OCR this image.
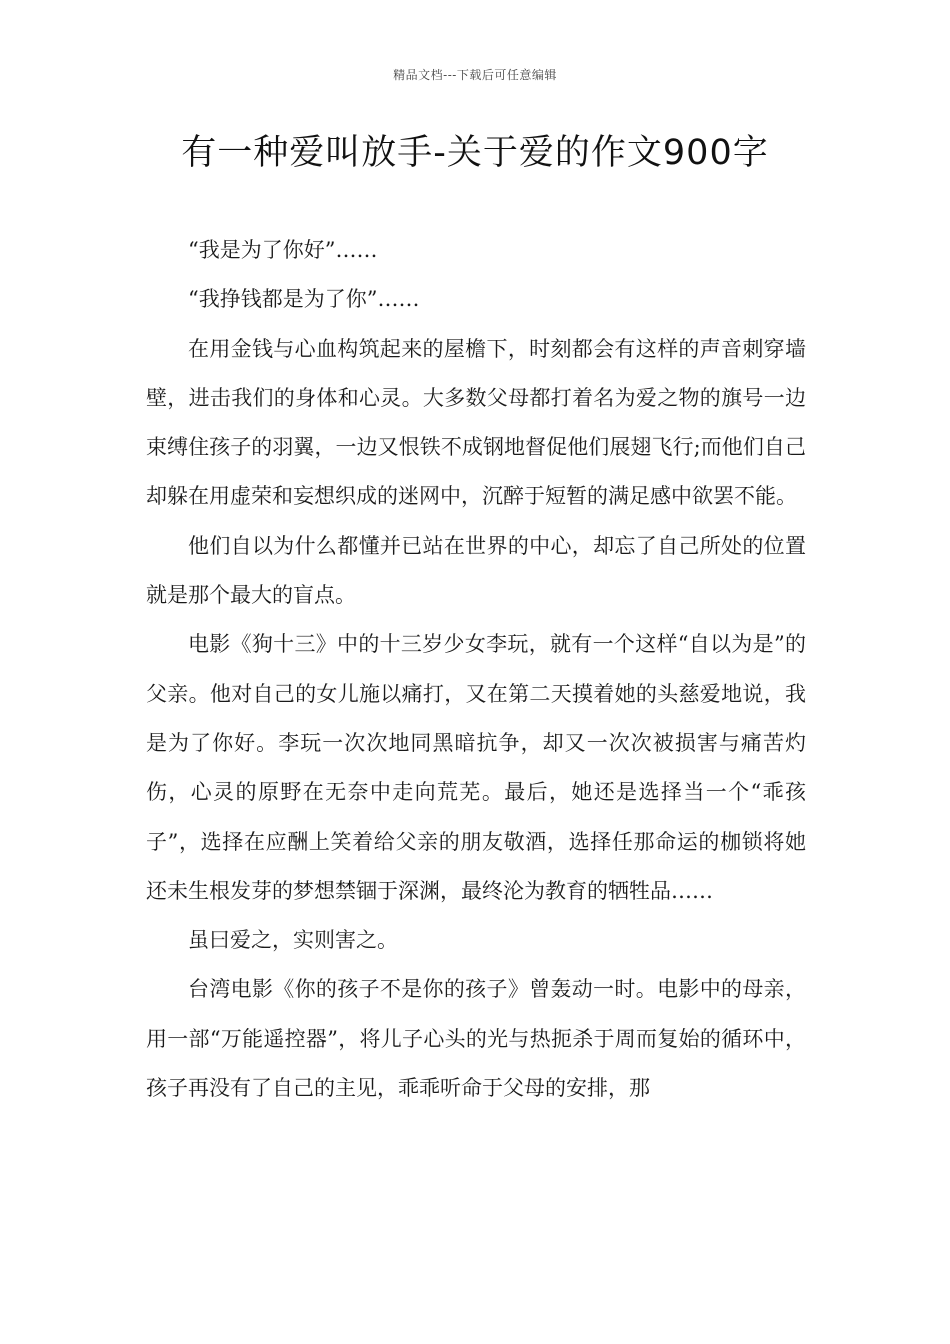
精品文档---下载后可任意编辑
有一种爱叫放手-关于爱的作文900字

“我是为了你好”……

“我挣钱都是为了你”……

在用金钱与心血构筑起来的屋檐下，时刻都会有这样的声音刺穿墙壁，进击我们的身体和心灵。大多数父母都打着名为爱之物的旗号一边束缚住孩子的羽翼，一边又恨铁不成钢地督促他们展翅飞行;而他们自己却躲在用虚荣和妄想织成的迷网中，沉醉于短暂的满足感中欲罢不能。

他们自以为什么都懂并已站在世界的中心，却忘了自己所处的位置就是那个最大的盲点。

电影《狗十三》中的十三岁少女李玩，就有一个这样“自以为是”的父亲。他对自己的女儿施以痛打，又在第二天摸着她的头慈爱地说，我是为了你好。李玩一次次地同黑暗抗争，却又一次次被损害与痛苦灼伤，心灵的原野在无奈中走向荒芜。最后，她还是选择当一个“乖孩子”，选择在应酬上笑着给父亲的朋友敬酒，选择任那命运的枷锁将她还未生根发芽的梦想禁锢于深渊，最终沦为教育的牺牲品……

虽曰爱之，实则害之。

台湾电影《你的孩子不是你的孩子》曾轰动一时。电影中的母亲，用一部“万能遥控器”，将儿子心头的光与热扼杀于周而复始的循环中，孩子再没有了自己的主见，乖乖听命于父母的安排，那
